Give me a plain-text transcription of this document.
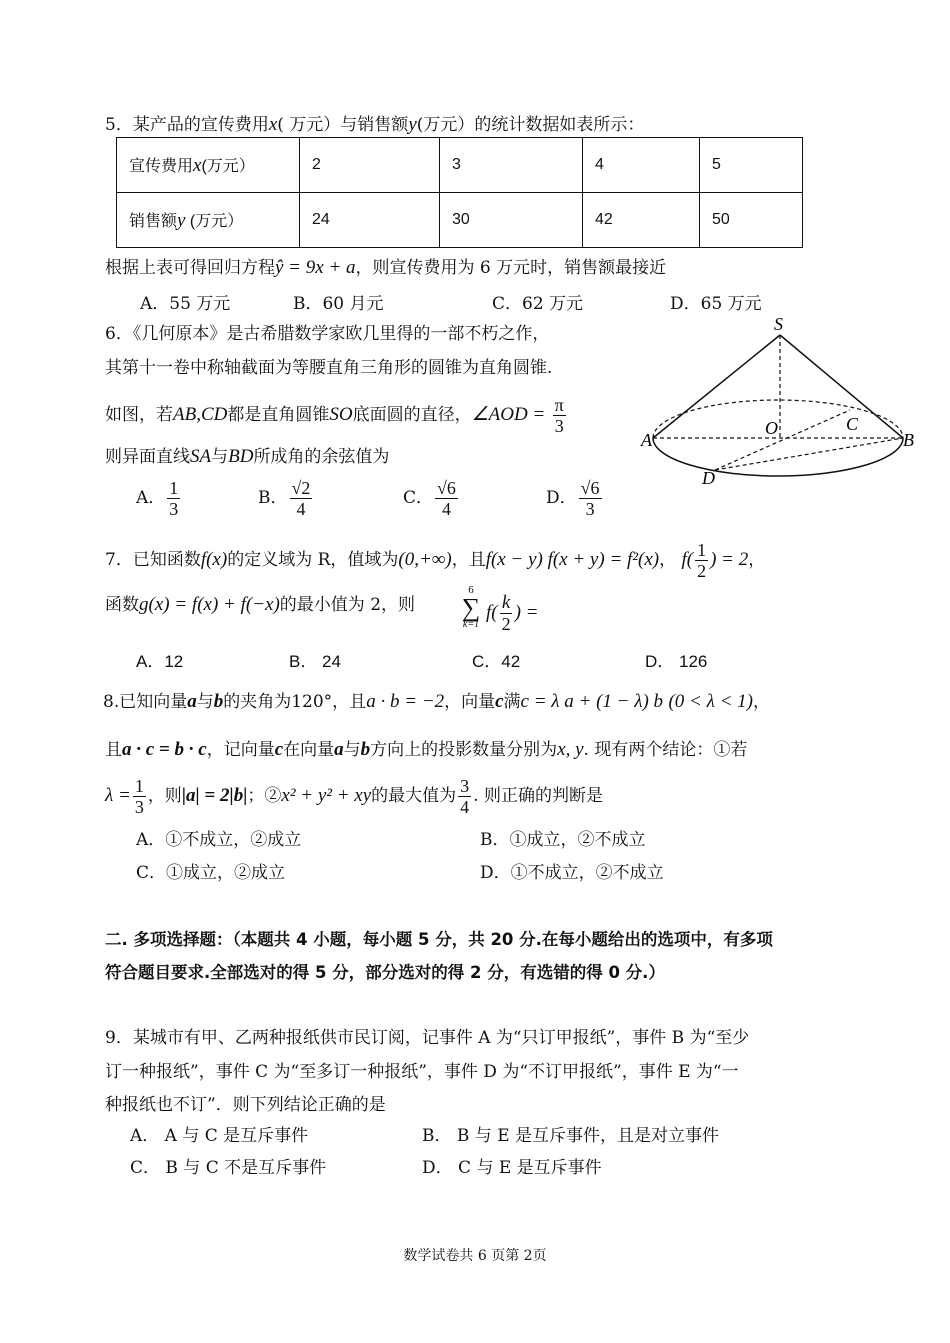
5．某产品的宣传费用x( 万元）与销售额y(万元）的统计数据如表所示：
宣传费用x(万元）	2	3	4	5
销售额y (万元）	24	30	42	50
根据上表可得回归方程ŷ = 9x + a，则宣传费用为 6 万元时，销售额最接近
A．55 万元	B．60 月元	C．62 万元	D．65 万元
6．《几何原本》是古希腊数学家欧几里得的一部不朽之作，
其第十一卷中称轴截面为等腰直角三角形的圆锥为直角圆锥.
如图，若AB,CD都是直角圆锥SO底面圆的直径，∠AOD = $\frac{\pi}{3}$
则异面直线SA与BD所成角的余弦值为
A． $\frac{1}{3}$	B． $\frac{√2}{4}$	C． $\frac{√6}{4}$	D． $\frac{√6}{3}$
S
A	B
C
D
O
7．已知函数f(x)的定义域为 R，值域为(0,+∞)，且f(x − y) f(x + y) = f²(x)， $f( \frac{1}{2}$ ) = 2，
函数g(x) = f(x) + f(−x)的最小值为 2，则
6
∑
k=1
$f( \frac{k}{2}$ ) =
A．12	B． 24	C．42	D． 126
8.已知向量a与b的夹角为120°，且a · b = −2，向量c满c = λ a + (1 − λ) b (0 < λ < 1)，
且a · c = b · c，记向量c在向量a与b方向上的投影数量分别为x, y. 现有两个结论：①若
$\lambda = \frac{1}{3}$ ，则|a| = 2|b|；②x² + y² + xy的最大值为 $\frac{3}{4}$ . 则正确的判断是
A．①不成立，②成立	B．①成立，②不成立
C．①成立，②成立	D．①不成立，②不成立
二. 多项选择题：（本题共 4 小题，每小题 5 分，共 20 分.在每小题给出的选项中，有多项
符合题目要求.全部选对的得 5 分，部分选对的得 2 分，有选错的得 0 分.）
9．某城市有甲、乙两种报纸供市民订阅，记事件 A 为“只订甲报纸”，事件 B 为“至少
订一种报纸”，事件 C 为“至多订一种报纸”，事件 D 为“不订甲报纸”，事件 E 为“一
种报纸也不订”．则下列结论正确的是
A． A 与 C 是互斥事件	B． B 与 E 是互斥事件，且是对立事件
C． B 与 C 不是互斥事件	D． C 与 E 是互斥事件
数学试卷共 6 页第 2页
